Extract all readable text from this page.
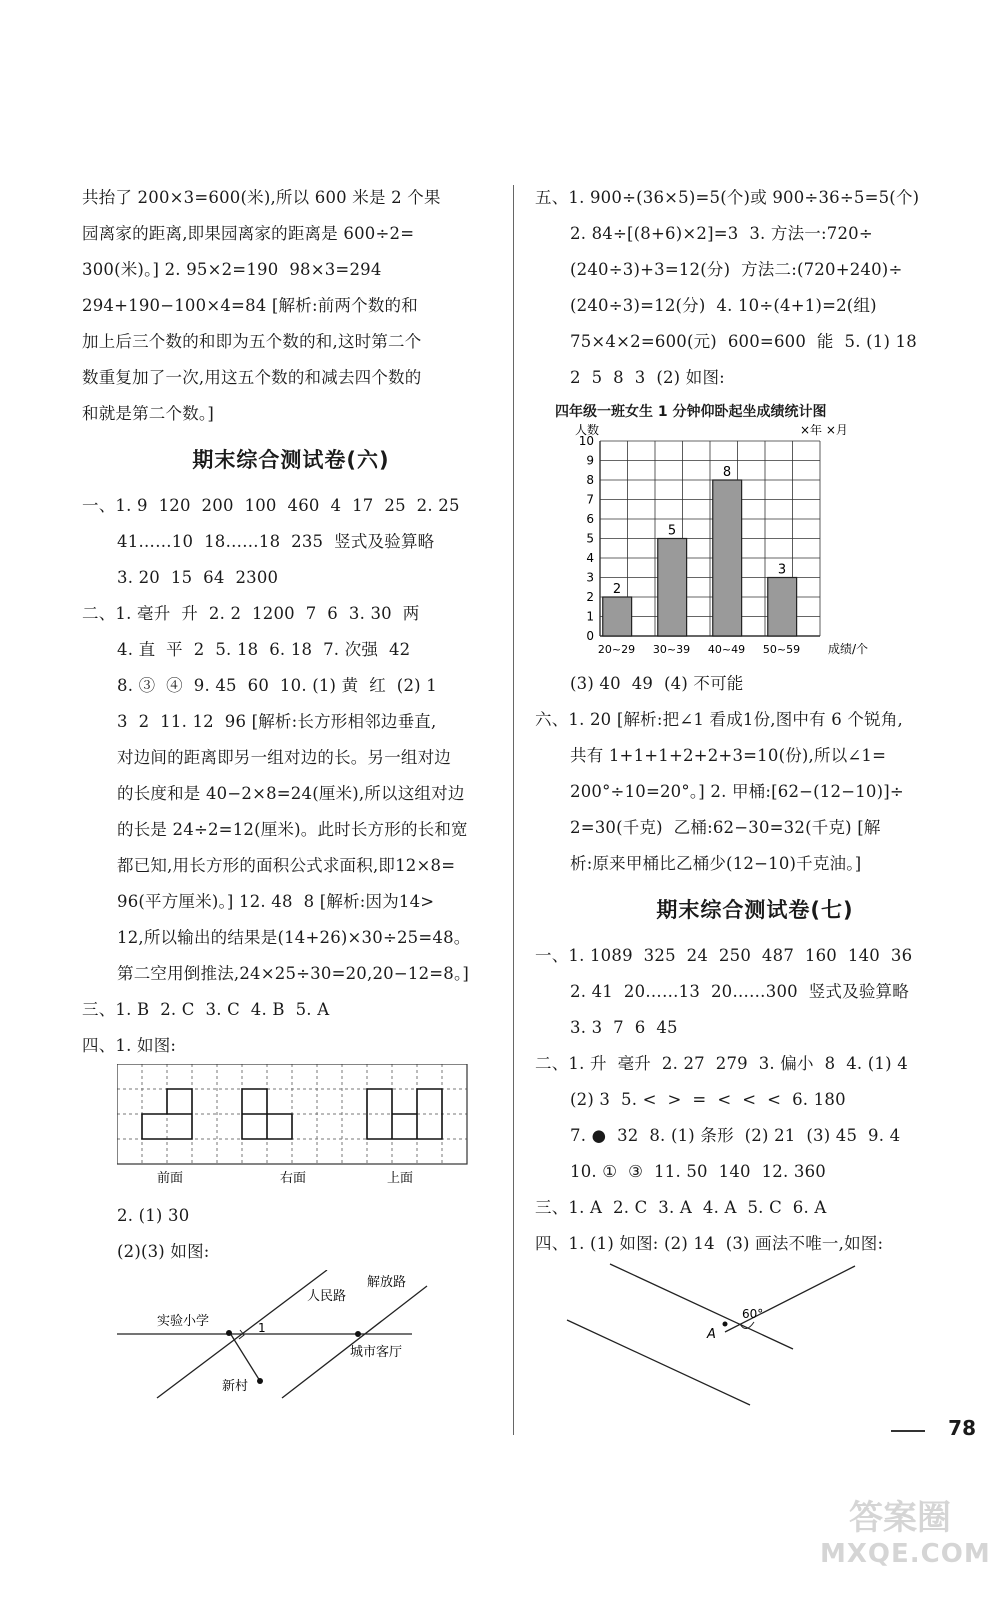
共抬了 200×3=600(米),所以 600 米是 2 个果
园离家的距离,即果园离家的距离是 600÷2=
300(米)。] 2. 95×2=190  98×3=294
294+190−100×4=84 [解析:前两个数的和
加上后三个数的和即为五个数的和,这时第二个
数重复加了一次,用这五个数的和减去四个数的
和就是第二个数。]
期末综合测试卷(六)
一、1. 9  120  200  100  460  4  17  25  2. 25
41……10  18……18  235  竖式及验算略
3. 20  15  64  2300
二、1. 毫升  升  2. 2  1200  7  6  3. 30  两
4. 直  平  2  5. 18  6. 18  7. 次强  42
8. ③  ④  9. 45  60  10. (1) 黄  红  (2) 1
3  2  11. 12  96 [解析:长方形相邻边垂直,
对边间的距离即另一组对边的长。另一组对边
的长度和是 40−2×8=24(厘米),所以这组对边
的长是 24÷2=12(厘米)。此时长方形的长和宽
都已知,用长方形的面积公式求面积,即12×8=
96(平方厘米)。] 12. 48  8 [解析:因为14>
12,所以输出的结果是(14+26)×30÷25=48。
第二空用倒推法,24×25÷30=20,20−12=8。]
三、1. B  2. C  3. C  4. B  5. A
四、1. 如图:
前面	右面	上面
2. (1) 30
(2)(3) 如图:
实验小学
人民路
解放路
城市客厅
新村
1
五、1. 900÷(36×5)=5(个)或 900÷36÷5=5(个)
2. 84÷[(8+6)×2]=3  3. 方法一:720÷
(240÷3)+3=12(分)  方法二:(720+240)÷
(240÷3)=12(分)  4. 10÷(4+1)=2(组)
75×4×2=600(元)  600=600  能  5. (1) 18
2  5  8  3  (2) 如图:
四年级一班女生 1 分钟仰卧起坐成绩统计图
0
1
2
3
4
5
6
7
8
9
10
2
20~29
5
30~39
8
40~49
3
50~59
人数	×年 ×月
成绩/个
(3) 40  49  (4) 不可能
六、1. 20 [解析:把∠1 看成1份,图中有 6 个锐角,
共有 1+1+1+2+2+3=10(份),所以∠1=
200°÷10=20°。] 2. 甲桶:[62−(12−10)]÷
2=30(千克)  乙桶:62−30=32(千克) [解
析:原来甲桶比乙桶少(12−10)千克油。]
期末综合测试卷(七)
一、1. 1089  325  24  250  487  160  140  36
2. 41  20……13  20……300  竖式及验算略
3. 3  7  6  45
二、1. 升  毫升  2. 27  279  3. 偏小  8  4. (1) 4
(2) 3  5. <  >  =  <  <  <  6. 180
7. ●  32  8. (1) 条形  (2) 21  (3) 45  9. 4
10. ①  ③  11. 50  140  12. 360
三、1. A  2. C  3. A  4. A  5. C  6. A
四、1. (1) 如图: (2) 14  (3) 画法不唯一,如图:
A
60°
78
答案圈
MXQE.COM
